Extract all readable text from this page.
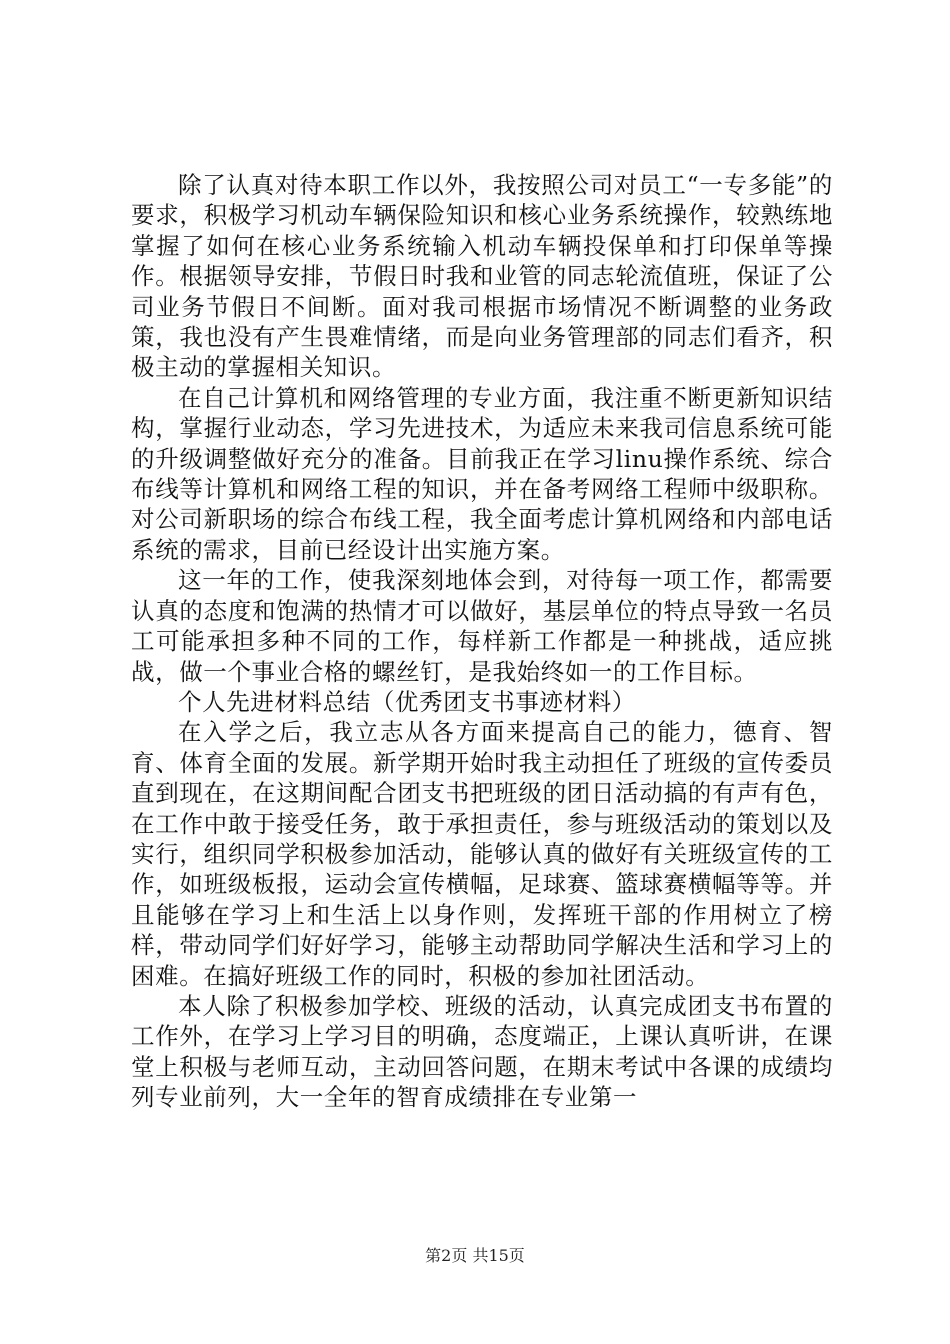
除了认真对待本职工作以外，我按照公司对员工“一专多能”的要求，积极学习机动车辆保险知识和核心业务系统操作，较熟练地掌握了如何在核心业务系统输入机动车辆投保单和打印保单等操作。根据领导安排，节假日时我和业管的同志轮流值班，保证了公司业务节假日不间断。面对我司根据市场情况不断调整的业务政策，我也没有产生畏难情绪，而是向业务管理部的同志们看齐，积极主动的掌握相关知识。

在自己计算机和网络管理的专业方面，我注重不断更新知识结构，掌握行业动态，学习先进技术，为适应未来我司信息系统可能的升级调整做好充分的准备。目前我正在学习linu操作系统、综合布线等计算机和网络工程的知识，并在备考网络工程师中级职称。对公司新职场的综合布线工程，我全面考虑计算机网络和内部电话系统的需求，目前已经设计出实施方案。

这一年的工作，使我深刻地体会到，对待每一项工作，都需要认真的态度和饱满的热情才可以做好，基层单位的特点导致一名员工可能承担多种不同的工作，每样新工作都是一种挑战，适应挑战，做一个事业合格的螺丝钉，是我始终如一的工作目标。

个人先进材料总结（优秀团支书事迹材料）

在入学之后，我立志从各方面来提高自己的能力，德育、智育、体育全面的发展。新学期开始时我主动担任了班级的宣传委员直到现在，在这期间配合团支书把班级的团日活动搞的有声有色，在工作中敢于接受任务，敢于承担责任，参与班级活动的策划以及实行，组织同学积极参加活动，能够认真的做好有关班级宣传的工作，如班级板报，运动会宣传横幅，足球赛、篮球赛横幅等等。并且能够在学习上和生活上以身作则，发挥班干部的作用树立了榜样，带动同学们好好学习，能够主动帮助同学解决生活和学习上的困难。在搞好班级工作的同时，积极的参加社团活动。

本人除了积极参加学校、班级的活动，认真完成团支书布置的工作外，在学习上学习目的明确，态度端正，上课认真听讲，在课堂上积极与老师互动，主动回答问题，在期末考试中各课的成绩均列专业前列，大一全年的智育成绩排在专业第一

第2页 共15页
